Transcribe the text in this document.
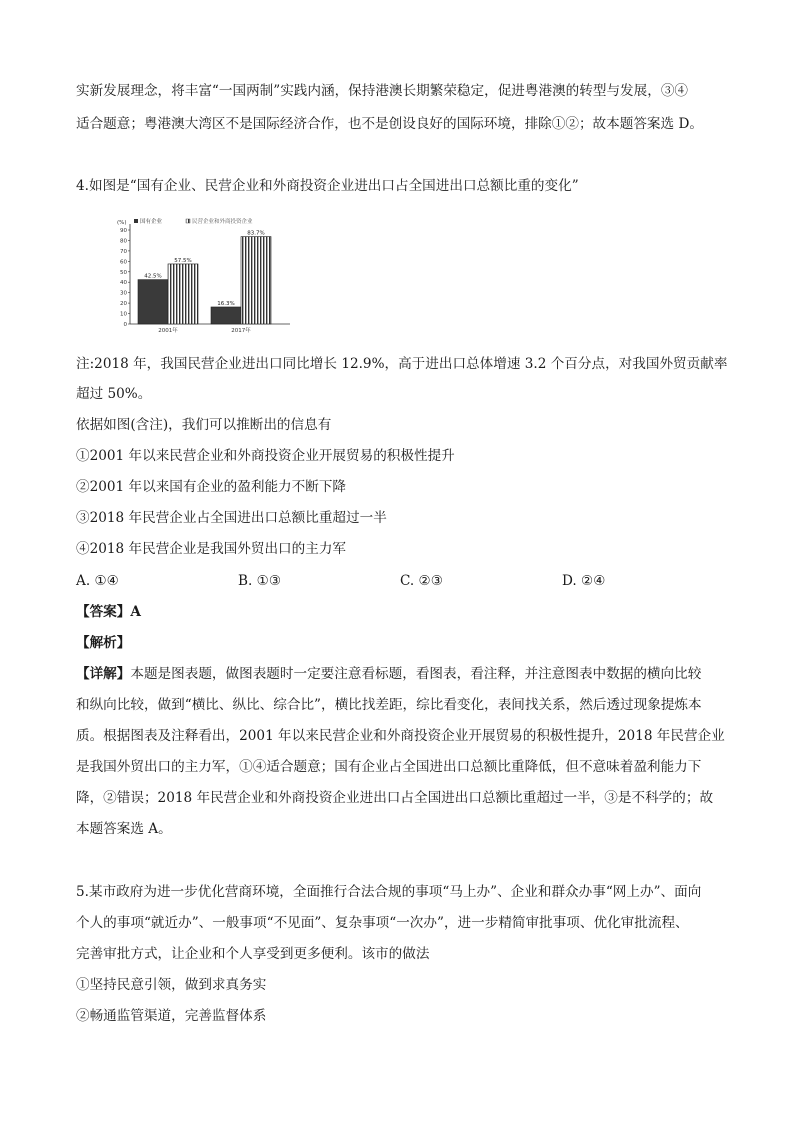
实新发展理念，将丰富“一国两制”实践内涵，保持港澳长期繁荣稳定，促进粤港澳的转型与发展，③④
适合题意；粤港澳大湾区不是国际经济合作，也不是创设良好的国际环境，排除①②；故本题答案选 D。
4.如图是“国有企业、民营企业和外商投资企业进出口占全国进出口总额比重的变化”
(%)
0
10
20
30
40
50
60
70
80
90
国有企业	民营企业和外商投资企业
42.5%
57.5%
16.3%
83.7%
2001年	2017年
注:2018 年，我国民营企业进出口同比增长 12.9%，高于进出口总体增速 3.2 个百分点，对我国外贸贡献率
超过 50%。
依据如图(含注)，我们可以推断出的信息有
①2001 年以来民营企业和外商投资企业开展贸易的积极性提升
②2001 年以来国有企业的盈利能力不断下降
③2018 年民营企业占全国进出口总额比重超过一半
④2018 年民营企业是我国外贸出口的主力军
A. ①④	B. ①③	C. ②③	D. ②④
【答案】A
【解析】
【详解】本题是图表题，做图表题时一定要注意看标题，看图表，看注释，并注意图表中数据的横向比较
和纵向比较，做到“横比、纵比、综合比”，横比找差距，综比看变化，表间找关系，然后透过现象提炼本
质。根据图表及注释看出，2001 年以来民营企业和外商投资企业开展贸易的积极性提升，2018 年民营企业
是我国外贸出口的主力军，①④适合题意；国有企业占全国进出口总额比重降低，但不意味着盈利能力下
降，②错误；2018 年民营企业和外商投资企业进出口占全国进出口总额比重超过一半，③是不科学的；故
本题答案选 A。
5.某市政府为进一步优化营商环境，全面推行合法合规的事项“马上办”、企业和群众办事“网上办”、面向
个人的事项“就近办”、一般事项“不见面”、复杂事项“一次办”，进一步精简审批事项、优化审批流程、
完善审批方式，让企业和个人享受到更多便利。该市的做法
①坚持民意引领，做到求真务实
②畅通监管渠道，完善监督体系
